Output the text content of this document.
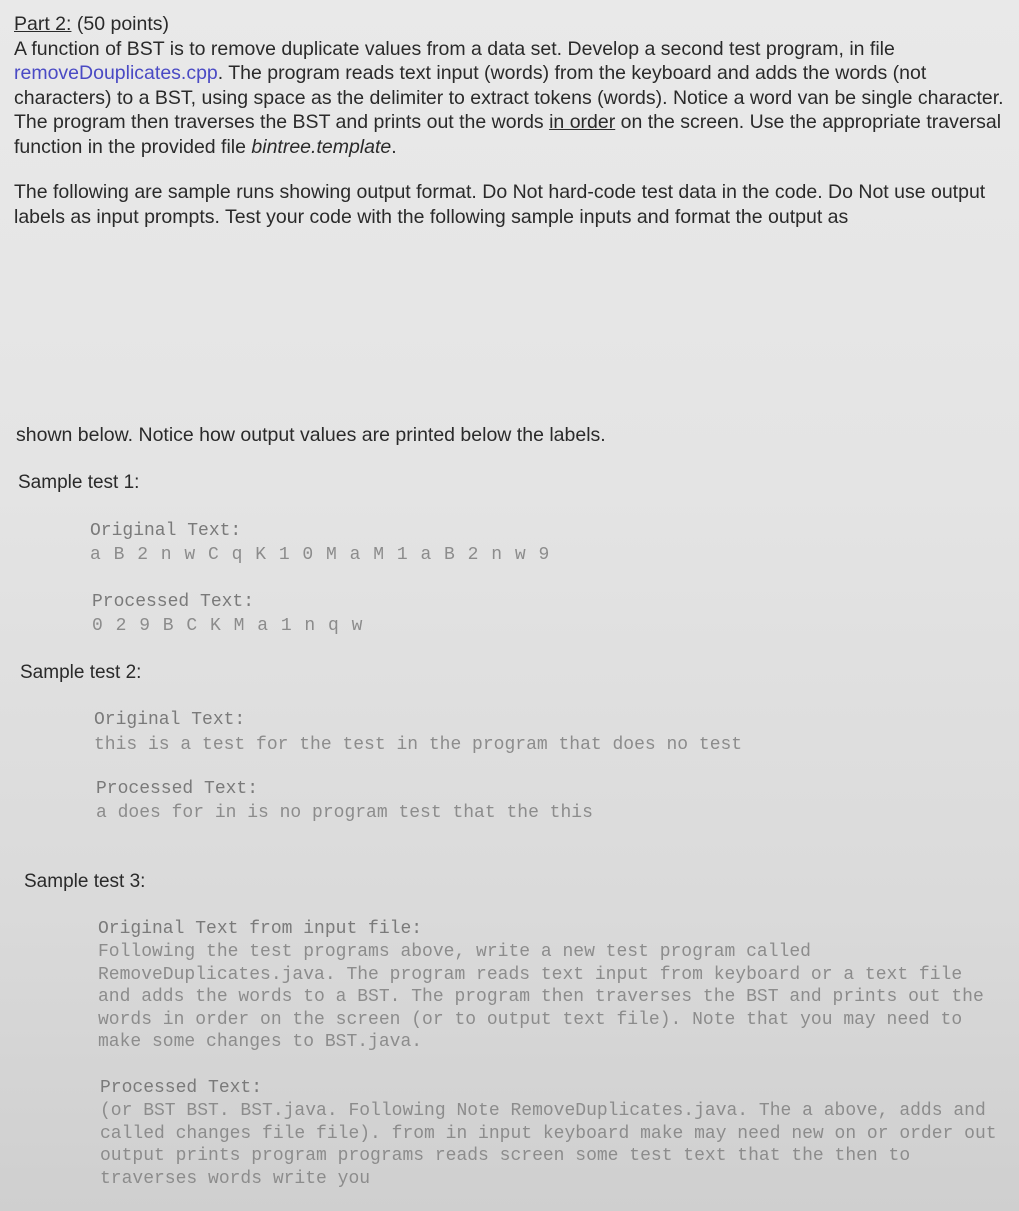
Part 2: (50 points)
A function of BST is to remove duplicate values from a data set. Develop a second test program, in file removeDouplicates.cpp. The program reads text input (words) from the keyboard and adds the words (not characters) to a BST, using space as the delimiter to extract tokens (words). Notice a word van be single character. The program then traverses the BST and prints out the words in order on the screen. Use the appropriate traversal function in the provided file bintree.template.
The following are sample runs showing output format. Do Not hard-code test data in the code. Do Not use output labels as input prompts. Test your code with the following sample inputs and format the output as
shown below. Notice how output values are printed below the labels.
Sample test 1:
Original Text:
a B 2 n w C q K 1 0 M a M 1 a B 2 n w 9
Processed Text:
0 2 9 B C K M a 1 n q w
Sample test 2:
Original Text:
this is a test for the test in the program that does no test
Processed Text:
a does for in is no program test that the this
Sample test 3:
Original Text from input file:
Following the test programs above, write a new test program called RemoveDuplicates.java. The program reads text input from keyboard or a text file and adds the words to a BST. The program then traverses the BST and prints out the words in order on the screen (or to output text file). Note that you may need to make some changes to BST.java.
Processed Text:
(or BST BST. BST.java. Following Note RemoveDuplicates.java. The a above, adds and called changes file file). from in input keyboard make may need new on or order out output prints program programs reads screen some test text that the then to traverses words write you
